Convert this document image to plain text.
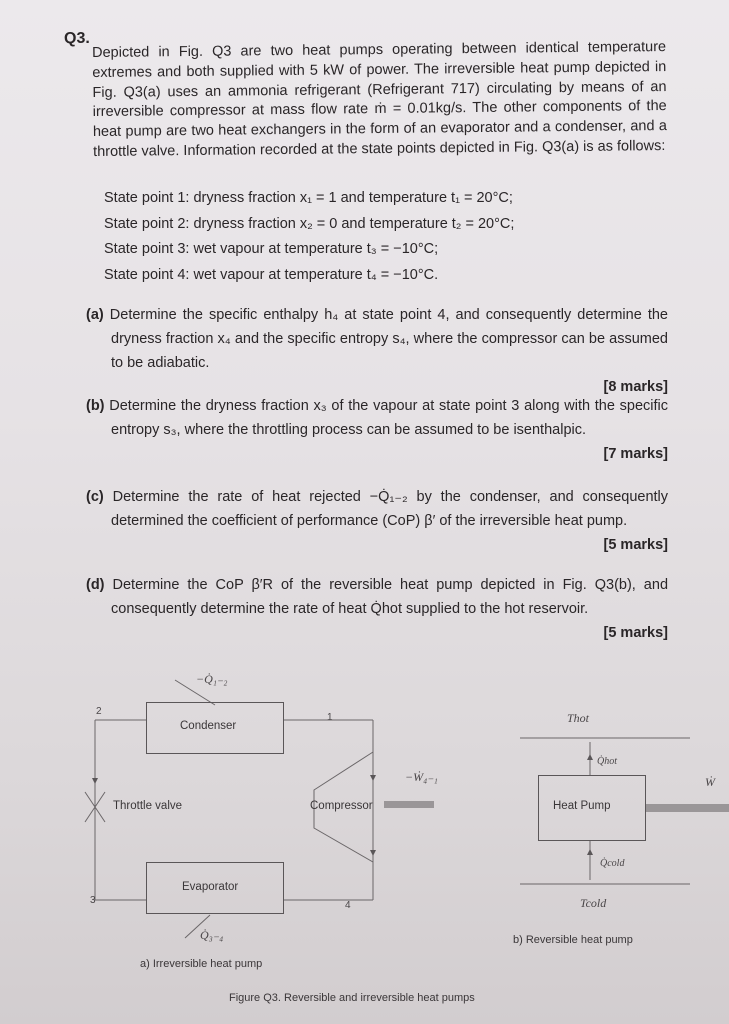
Q3.
Depicted in Fig. Q3 are two heat pumps operating between identical temperature extremes and both supplied with 5 kW of power. The irreversible heat pump depicted in Fig. Q3(a) uses an ammonia refrigerant (Refrigerant 717) circulating by means of an irreversible compressor at mass flow rate ṁ = 0.01kg/s. The other components of the heat pump are two heat exchangers in the form of an evaporator and a condenser, and a throttle valve. Information recorded at the state points depicted in Fig. Q3(a) is as follows:
State point 1: dryness fraction x₁ = 1 and temperature t₁ = 20°C;
State point 2: dryness fraction x₂ = 0 and temperature t₂ = 20°C;
State point 3: wet vapour at temperature t₃ = −10°C;
State point 4: wet vapour at temperature t₄ = −10°C.
(a) Determine the specific enthalpy h₄ at state point 4, and consequently determine the dryness fraction x₄ and the specific entropy s₄, where the compressor can be assumed to be adiabatic.
[8 marks]
(b) Determine the dryness fraction x₃ of the vapour at state point 3 along with the specific entropy s₃, where the throttling process can be assumed to be isenthalpic.
[7 marks]
(c) Determine the rate of heat rejected −Q̇₁₋₂ by the condenser, and consequently determined the coefficient of performance (CoP) β′ of the irreversible heat pump.
[5 marks]
(d) Determine the CoP β′R of the reversible heat pump depicted in Fig. Q3(b), and consequently determine the rate of heat Q̇hot supplied to the hot reservoir.
[5 marks]
−Q̇₁₋₂
Condenser
2
1
Throttle valve	Compressor
−Ẇ₄₋₁
Evaporator
3	4
Q̇₃₋₄
a) Irreversible heat pump
Thot
Q̇hot
Heat Pump
Ẇ
Q̇cold
Tcold
b) Reversible heat pump
Figure Q3. Reversible and irreversible heat pumps
